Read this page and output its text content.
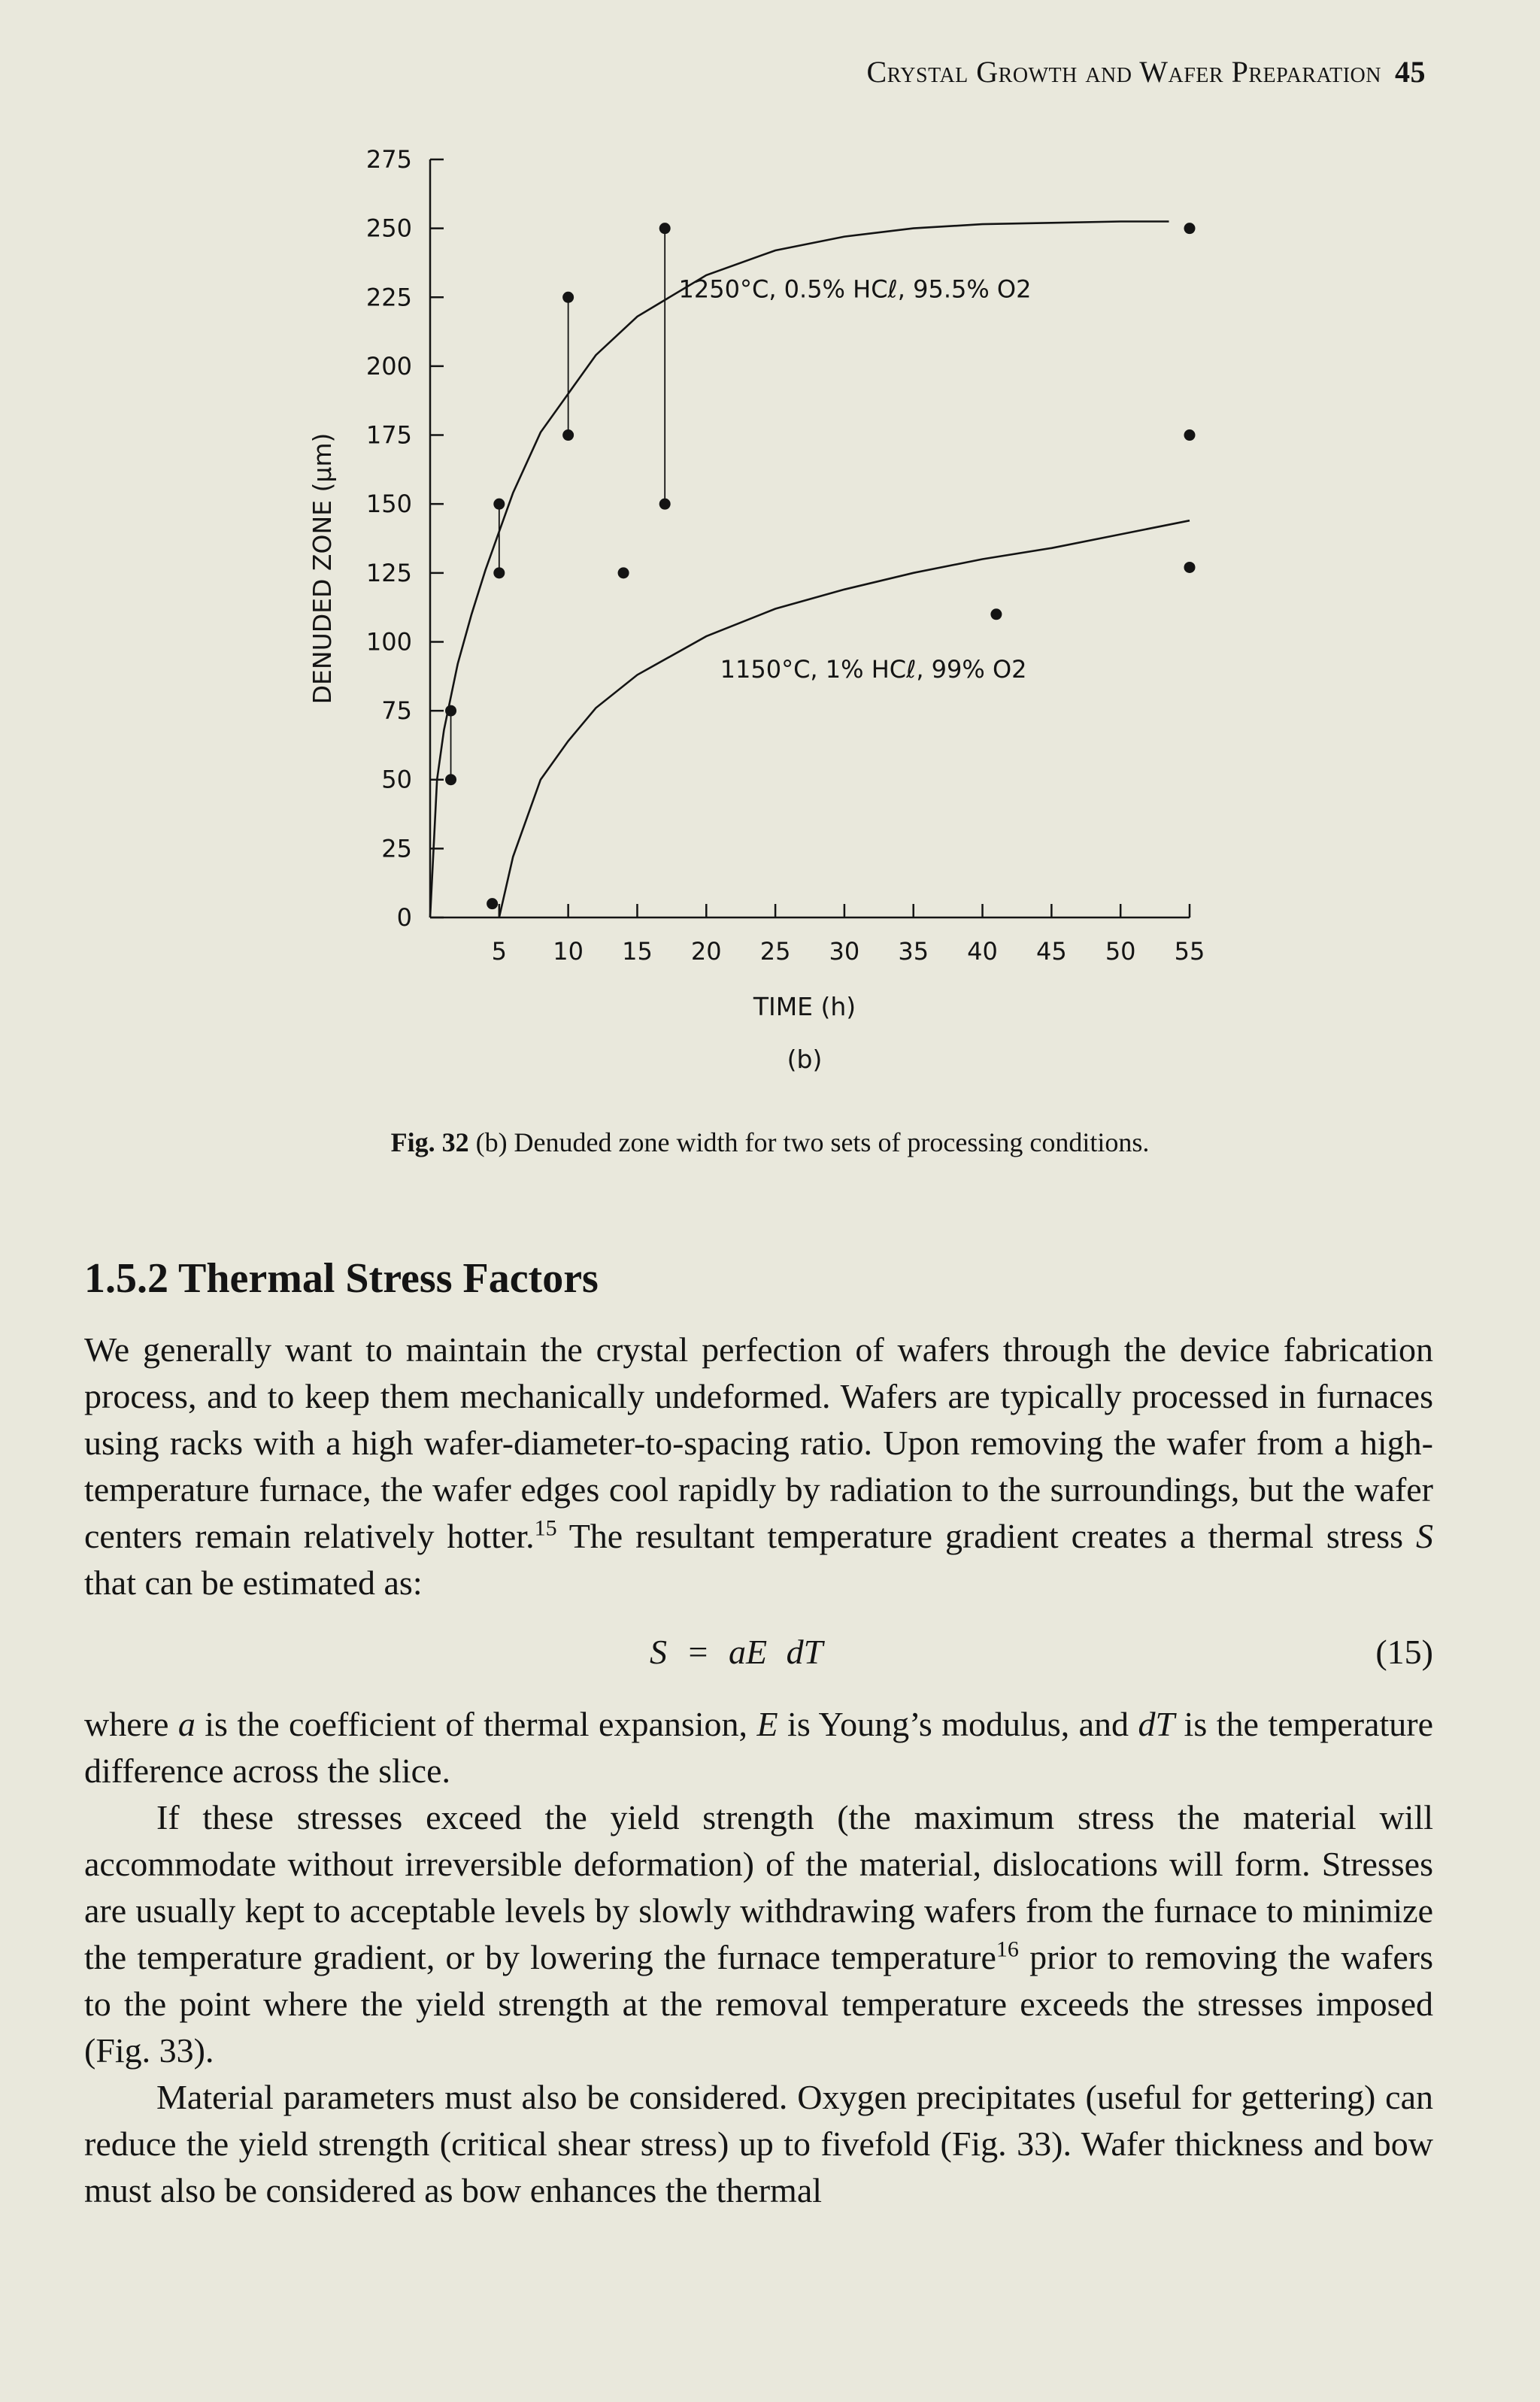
Crystal Growth and Wafer Preparation 45
0
25
50
75
100
125
150
175
200
225
250
275
5 10 15 20 25 30 35 40 45 50 55
TIME (h)
(b)
DENUDED ZONE (μm)
1250°C, 0.5% HCℓ, 95.5% O2
1150°C, 1% HCℓ, 99% O2
Fig. 32 (b) Denuded zone width for two sets of processing conditions.
1.5.2 Thermal Stress Factors

We generally want to maintain the crystal perfection of wafers through the device fabrication process, and to keep them mechanically undeformed. Wafers are typically processed in furnaces using racks with a high wafer-diameter-to-spacing ratio. Upon removing the wafer from a high-temperature furnace, the wafer edges cool rapidly by radiation to the surroundings, but the wafer centers remain relatively hotter.$^{15}$ The resultant temperature gradient creates a thermal stress S that can be estimated as:

S = aE dT	(15)

where a is the coefficient of thermal expansion, E is Young’s modulus, and dT is the temperature difference across the slice.

If these stresses exceed the yield strength (the maximum stress the material will accommodate without irreversible deformation) of the material, dislocations will form. Stresses are usually kept to acceptable levels by slowly withdrawing wafers from the furnace to minimize the temperature gradient, or by lowering the furnace temperature$^{16}$ prior to removing the wafers to the point where the yield strength at the removal temperature exceeds the stresses imposed (Fig. 33).

Material parameters must also be considered. Oxygen precipitates (useful for gettering) can reduce the yield strength (critical shear stress) up to fivefold (Fig. 33). Wafer thickness and bow must also be considered as bow enhances the thermal
